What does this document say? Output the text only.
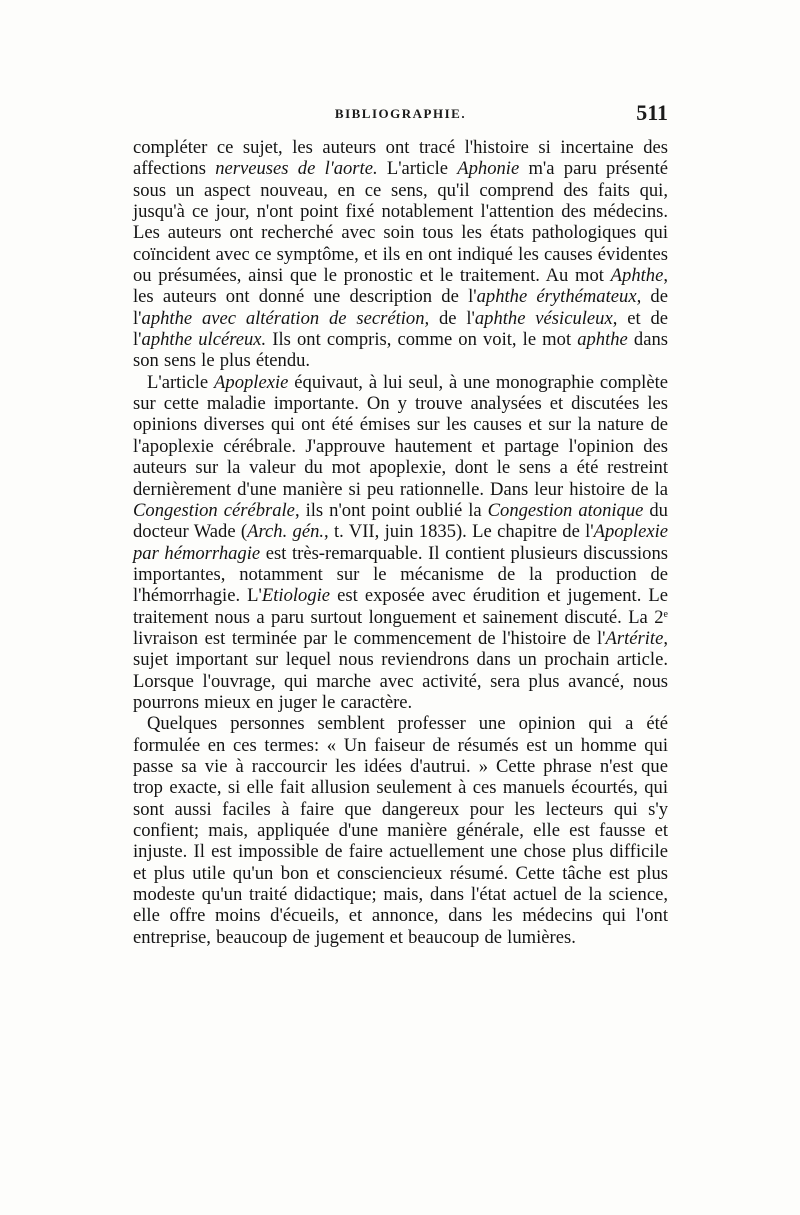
BIBLIOGRAPHIE.	511

compléter ce sujet, les auteurs ont tracé l'histoire si incertaine des affections nerveuses de l'aorte. L'article Aphonie m'a paru présenté sous un aspect nouveau, en ce sens, qu'il comprend des faits qui, jusqu'à ce jour, n'ont point fixé notablement l'attention des médecins. Les auteurs ont recherché avec soin tous les états pathologiques qui coïncident avec ce symptôme, et ils en ont indiqué les causes évidentes ou présumées, ainsi que le pronostic et le traitement. Au mot Aphthe, les auteurs ont donné une description de l'aphthe érythémateux, de l'aphthe avec altération de secrétion, de l'aphthe vésiculeux, et de l'aphthe ulcéreux. Ils ont compris, comme on voit, le mot aphthe dans son sens le plus étendu.

L'article Apoplexie équivaut, à lui seul, à une monographie complète sur cette maladie importante. On y trouve analysées et discutées les opinions diverses qui ont été émises sur les causes et sur la nature de l'apoplexie cérébrale. J'approuve hautement et partage l'opinion des auteurs sur la valeur du mot apoplexie, dont le sens a été restreint dernièrement d'une manière si peu rationnelle. Dans leur histoire de la Congestion cérébrale, ils n'ont point oublié la Congestion atonique du docteur Wade (Arch. gén., t. VII, juin 1835). Le chapitre de l'Apoplexie par hémorrhagie est très-remarquable. Il contient plusieurs discussions importantes, notamment sur le mécanisme de la production de l'hémorrhagie. L'Etiologie est exposée avec érudition et jugement. Le traitement nous a paru surtout longuement et sainement discuté. La 2e livraison est terminée par le commencement de l'histoire de l'Artérite, sujet important sur lequel nous reviendrons dans un prochain article. Lorsque l'ouvrage, qui marche avec activité, sera plus avancé, nous pourrons mieux en juger le caractère.

Quelques personnes semblent professer une opinion qui a été formulée en ces termes: « Un faiseur de résumés est un homme qui passe sa vie à raccourcir les idées d'autrui. » Cette phrase n'est que trop exacte, si elle fait allusion seulement à ces manuels écourtés, qui sont aussi faciles à faire que dangereux pour les lecteurs qui s'y confient; mais, appliquée d'une manière générale, elle est fausse et injuste. Il est impossible de faire actuellement une chose plus difficile et plus utile qu'un bon et consciencieux résumé. Cette tâche est plus modeste qu'un traité didactique; mais, dans l'état actuel de la science, elle offre moins d'écueils, et annonce, dans les médecins qui l'ont entreprise, beaucoup de jugement et beaucoup de lumières.
